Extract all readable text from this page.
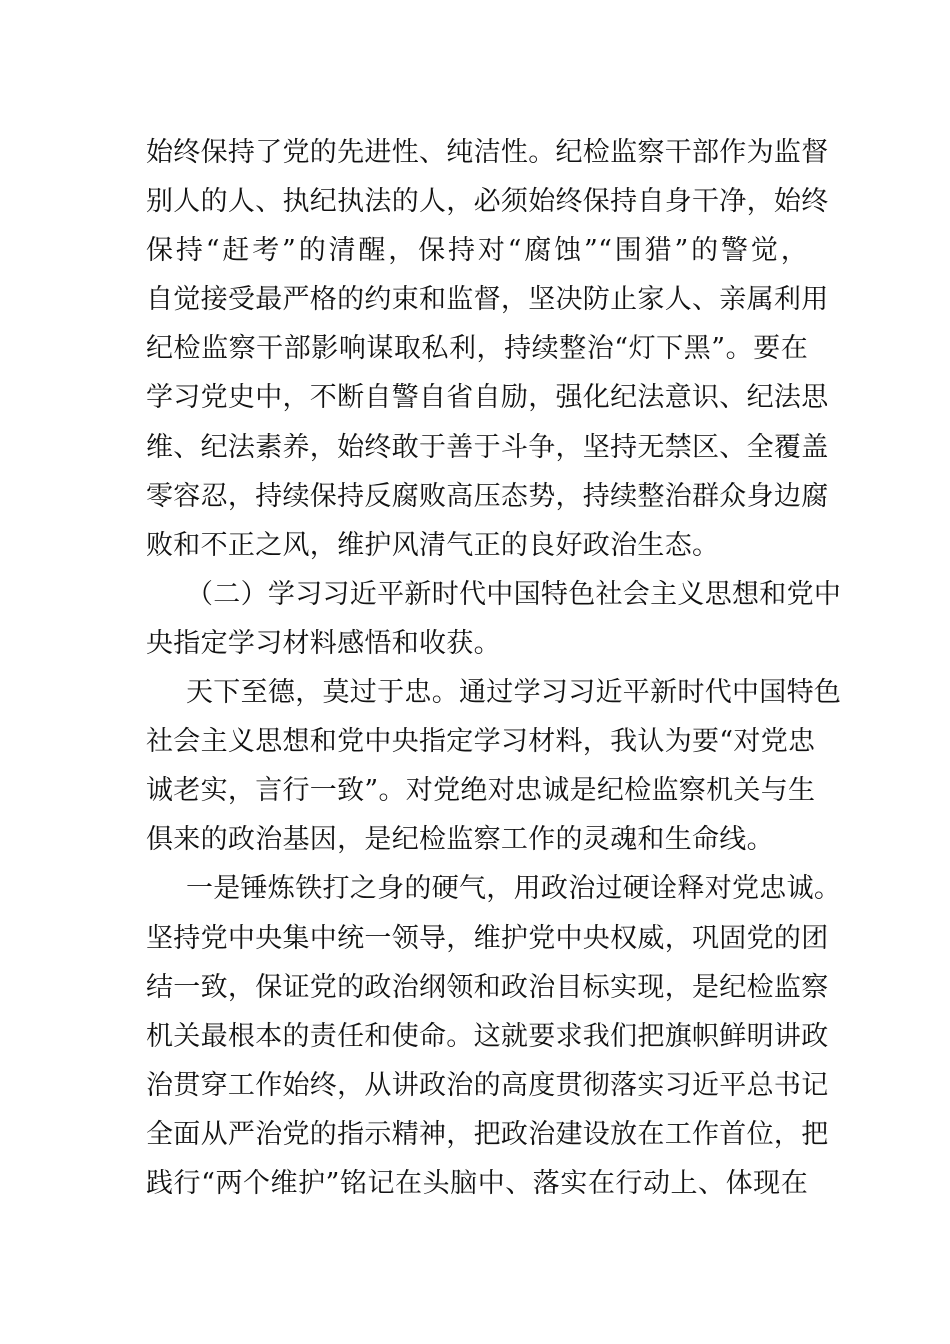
始终保持了党的先进性、纯洁性。纪检监察干部作为监督
别人的人、执纪执法的人，必须始终保持自身干净，始终
保持“赶考”的清醒，保持对“腐蚀”“围猎”的警觉，
自觉接受最严格的约束和监督，坚决防止家人、亲属利用
纪检监察干部影响谋取私利，持续整治“灯下黑”。要在
学习党史中，不断自警自省自励，强化纪法意识、纪法思
维、纪法素养，始终敢于善于斗争，坚持无禁区、全覆盖
零容忍，持续保持反腐败高压态势，持续整治群众身边腐
败和不正之风，维护风清气正的良好政治生态。

（二）学习习近平新时代中国特色社会主义思想和党中
央指定学习材料感悟和收获。

天下至德，莫过于忠。通过学习习近平新时代中国特色
社会主义思想和党中央指定学习材料，我认为要“对党忠
诚老实，言行一致”。对党绝对忠诚是纪检监察机关与生
俱来的政治基因，是纪检监察工作的灵魂和生命线。

一是锤炼铁打之身的硬气，用政治过硬诠释对党忠诚。
坚持党中央集中统一领导，维护党中央权威，巩固党的团
结一致，保证党的政治纲领和政治目标实现，是纪检监察
机关最根本的责任和使命。这就要求我们把旗帜鲜明讲政
治贯穿工作始终，从讲政治的高度贯彻落实习近平总书记
全面从严治党的指示精神，把政治建设放在工作首位，把
践行“两个维护”铭记在头脑中、落实在行动上、体现在
